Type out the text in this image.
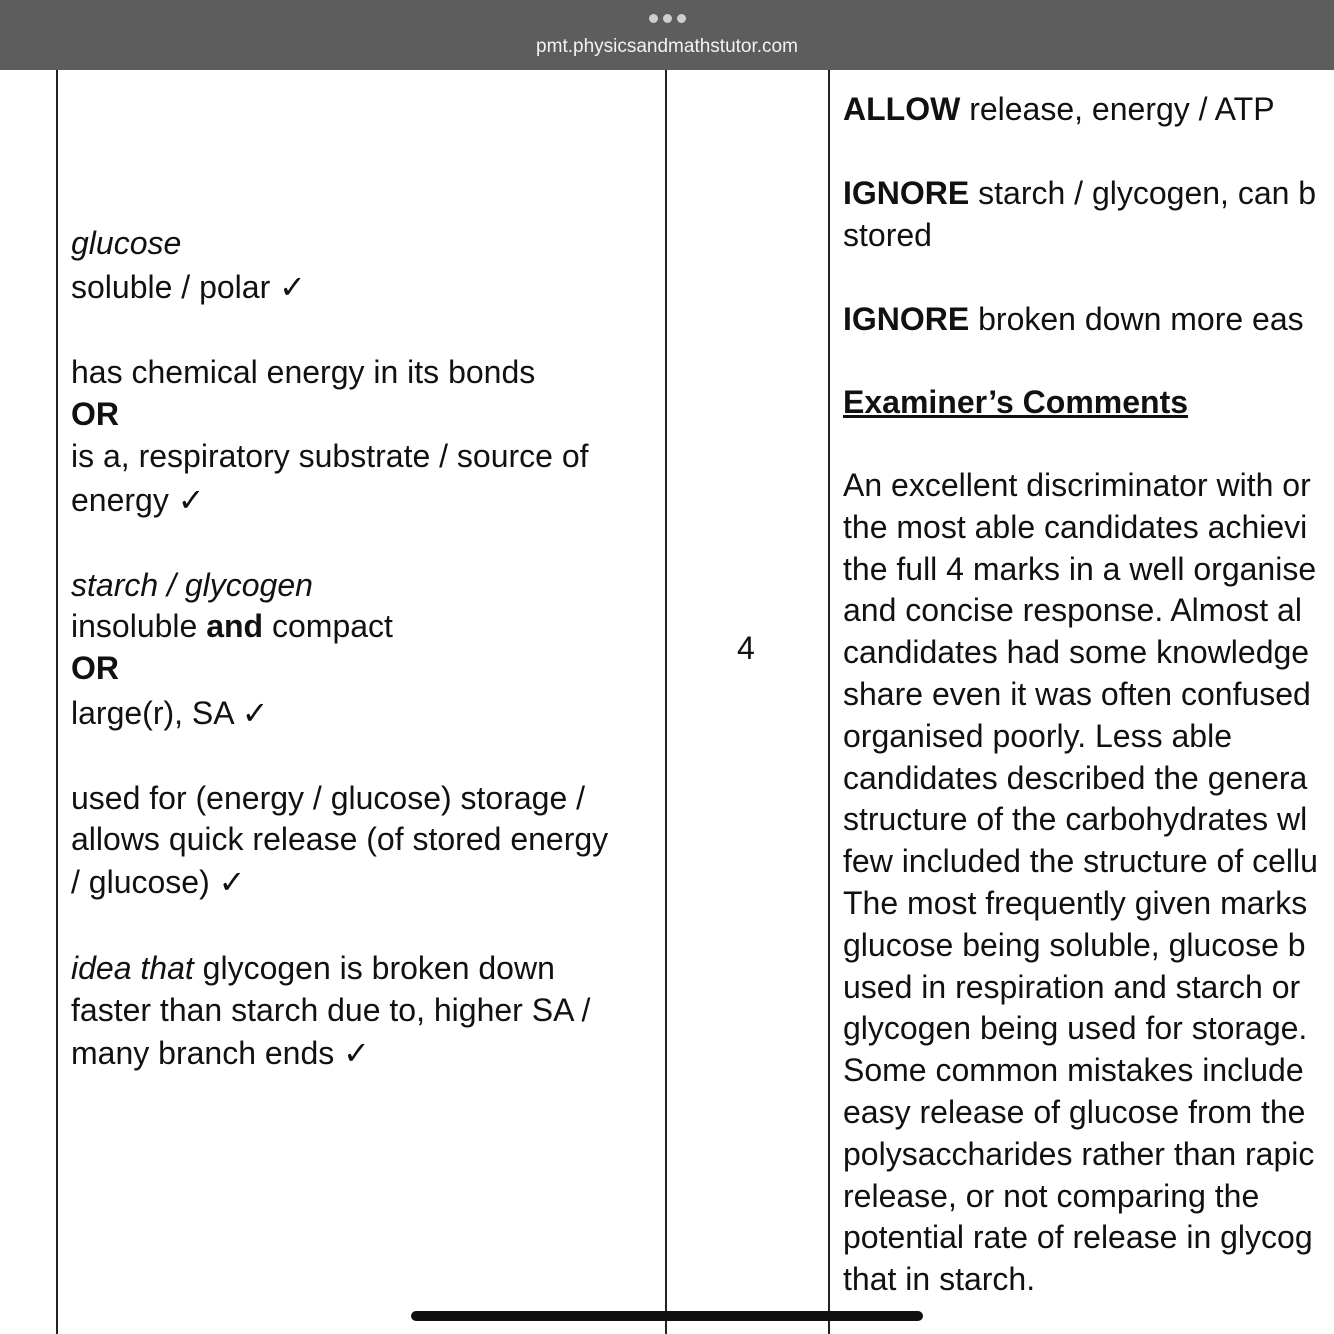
pmt.physicsandmathstutor.com
glucose
soluble / polar ✓
has chemical energy in its bonds
OR
is a, respiratory substrate / source of
energy ✓
starch / glycogen
insoluble and compact
OR
large(r), SA ✓
used for (energy / glucose) storage /
allows quick release (of stored energy
/ glucose) ✓
idea that glycogen is broken down
faster than starch due to, higher SA /
many branch ends ✓
4
ALLOW release, energy / ATP
IGNORE starch / glycogen, can b
stored
IGNORE broken down more eas
Examiner’s Comments
An excellent discriminator with or
the most able candidates achievi
the full 4 marks in a well organise
and concise response. Almost al
candidates had some knowledge
share even it was often confused
organised poorly. Less able
candidates described the genera
structure of the carbohydrates wl
few included the structure of cellu
The most frequently given marks
glucose being soluble, glucose b
used in respiration and starch or
glycogen being used for storage.
Some common mistakes include
easy release of glucose from the
polysaccharides rather than rapic
release, or not comparing the
potential rate of release in glycog
that in starch.
